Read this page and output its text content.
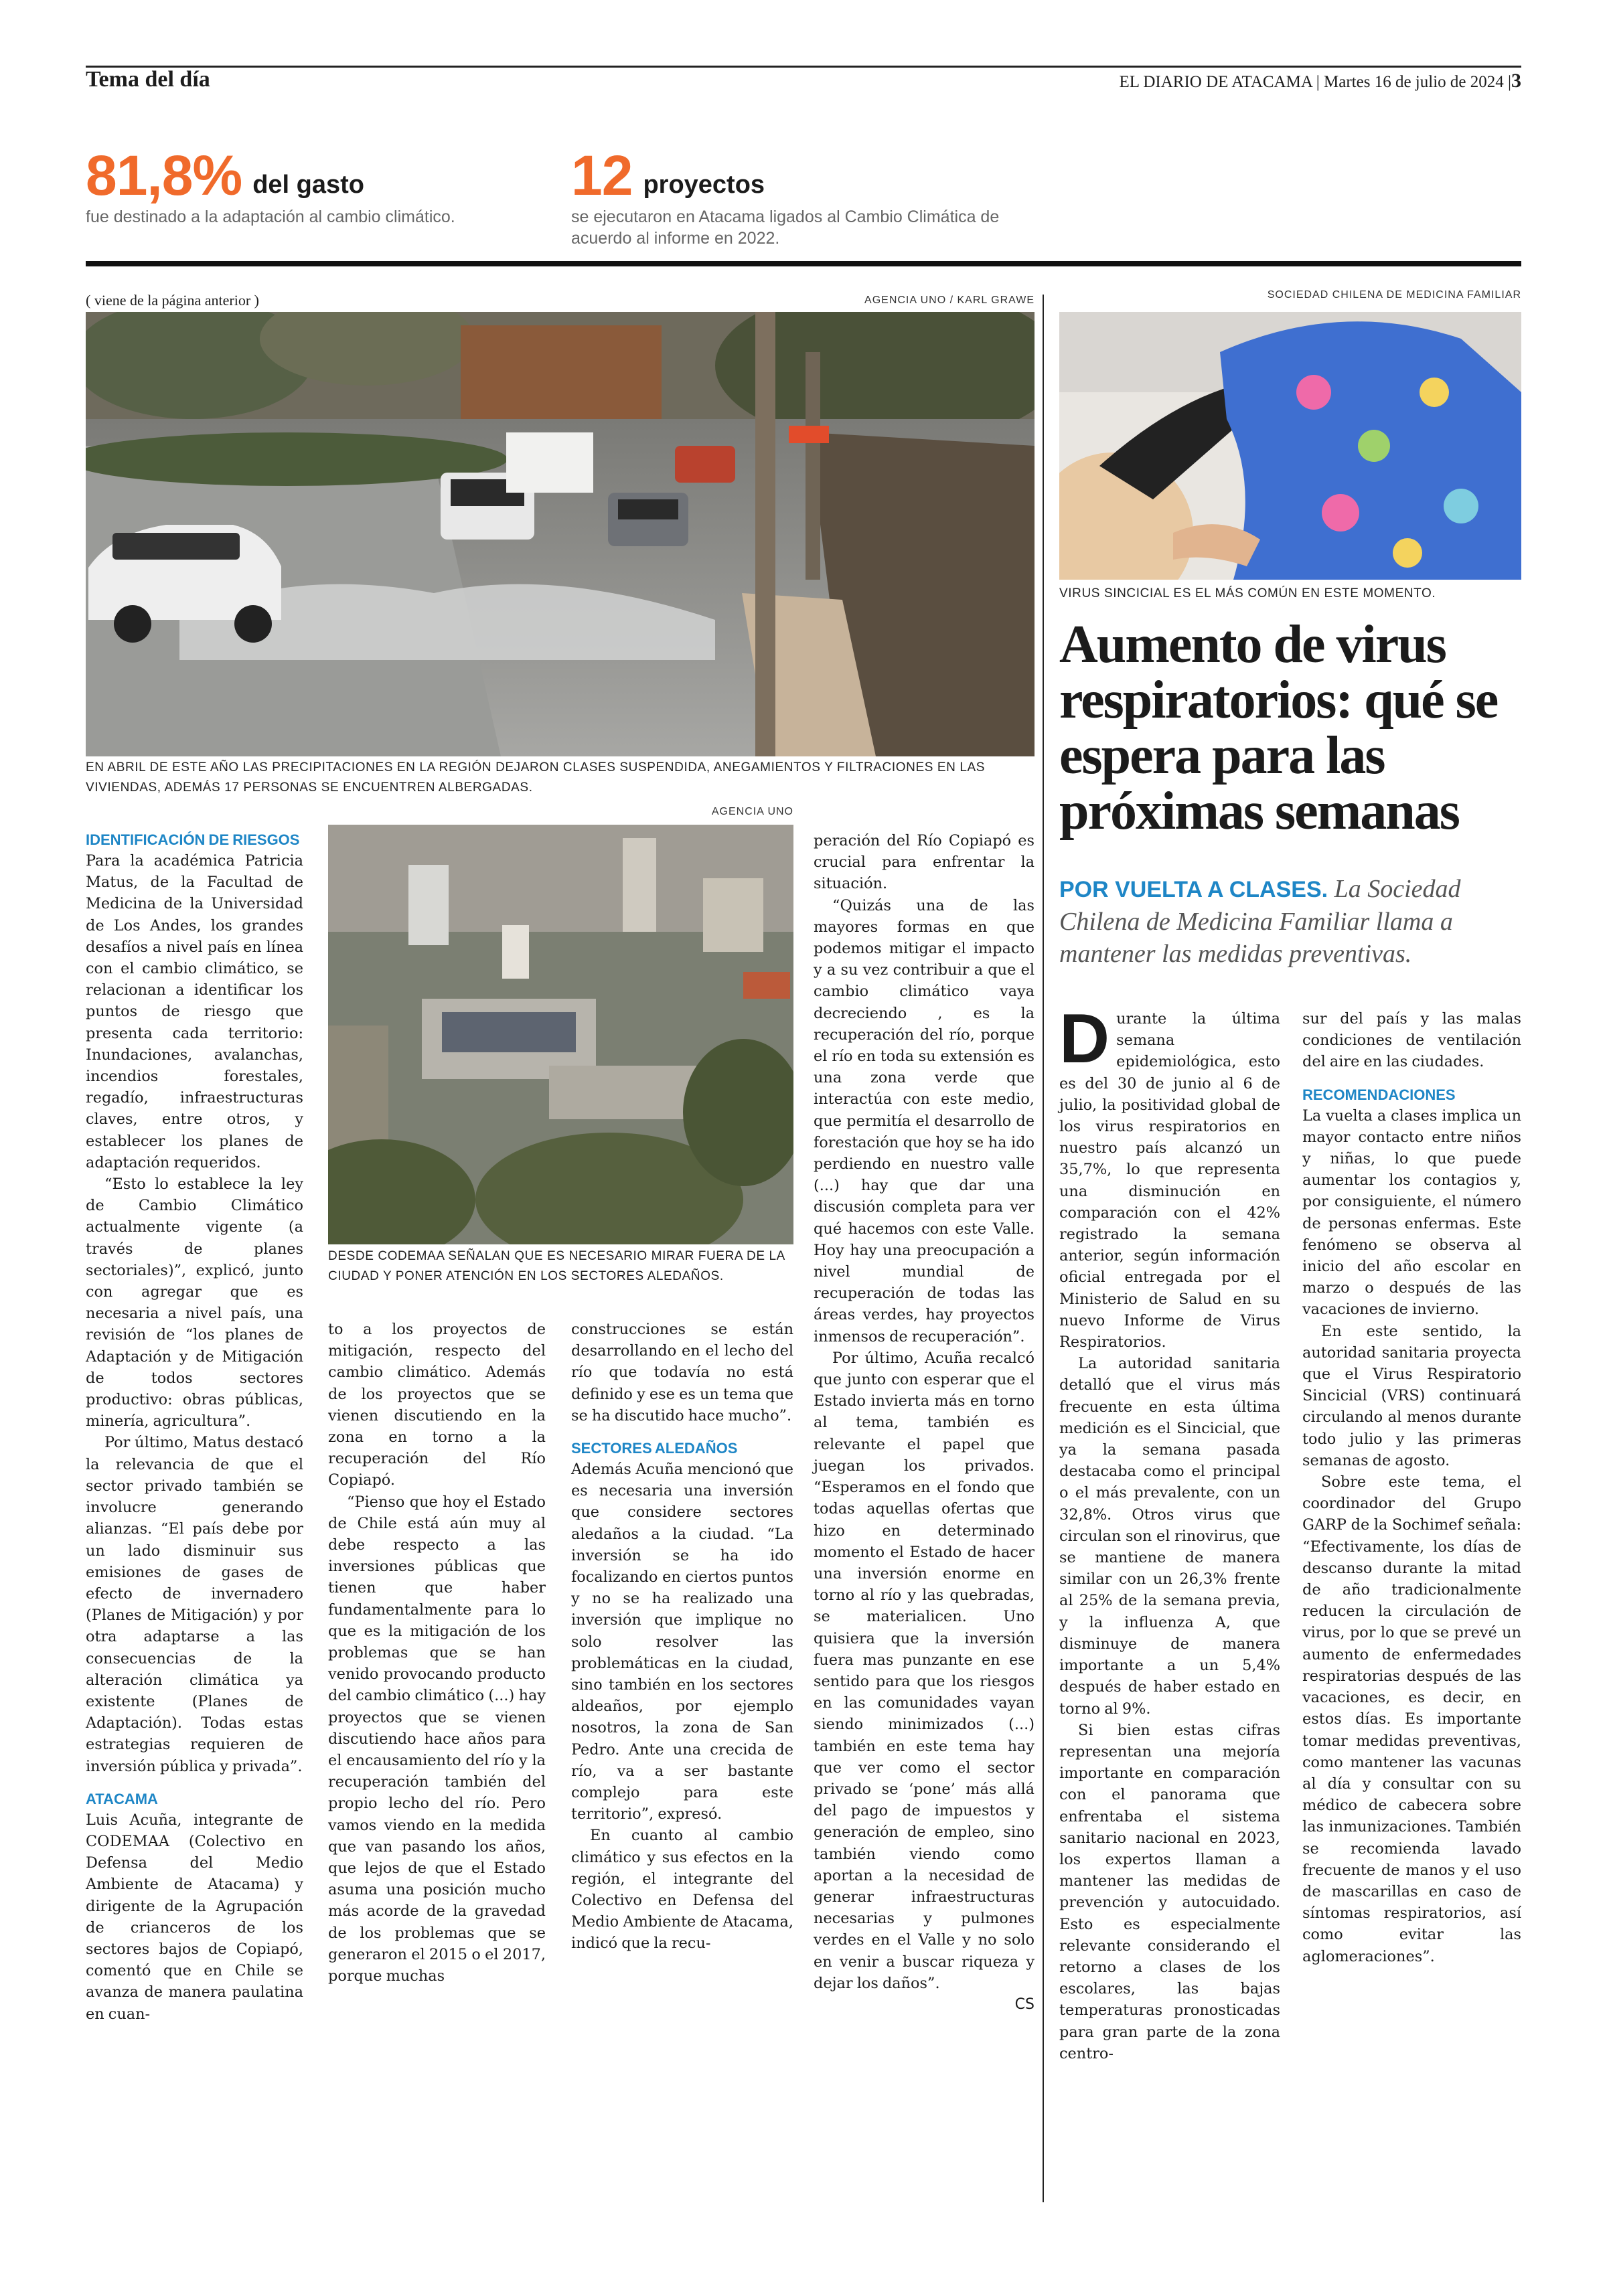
Tema del día	EL DIARIO DE ATACAMA | Martes 16 de julio de 2024 |3
81,8% del gasto
fue destinado a la adaptación al cambio climático.
12 proyectos
se ejecutaron en Atacama ligados al Cambio Climática de acuerdo al informe en 2022.
( viene de la página anterior )	AGENCIA UNO / KARL GRAWE
EN ABRIL DE ESTE AÑO LAS PRECIPITACIONES EN LA REGIÓN DEJARON CLASES SUSPENDIDA, ANEGAMIENTOS Y FILTRACIONES EN LAS VIVIENDAS, ADEMÁS 17 PERSONAS SE ENCUENTREN ALBERGADAS.

IDENTIFICACIÓN DE RIESGOS

Para la académica Patricia Matus, de la Facultad de Medicina de la Universidad de Los Andes, los grandes desafíos a nivel país en línea con el cambio climático, se relacionan a identificar los puntos de riesgo que presenta cada territorio: Inundaciones, avalanchas, incendios forestales, regadío, infraestructuras claves, entre otros, y establecer los planes de adaptación requeridos.

“Esto lo establece la ley de Cambio Climático actualmente vigente (a través de planes sectoriales)”, explicó, junto con agregar que es necesaria a nivel país, una revisión de “los planes de Adaptación y de Mitigación de todos sectores productivo: obras públicas, minería, agricultura”.

Por último, Matus destacó la relevancia de que el sector privado también se involucre generando alianzas. “El país debe por un lado disminuir sus emisiones de gases de efecto de invernadero (Planes de Mitigación) y por otra adaptarse a las consecuencias de la alteración climática ya existente (Planes de Adaptación). Todas estas estrategias requieren de inversión pública y privada”.

ATACAMA

Luis Acuña, integrante de CODEMAA (Colectivo en Defensa del Medio Ambiente de Atacama) y dirigente de la Agrupación de crianceros de los sectores bajos de Copiapó, comentó que en Chile se avanza de manera paulatina en cuan-

AGENCIA UNO
DESDE CODEMAA SEÑALAN QUE ES NECESARIO MIRAR FUERA DE LA CIUDAD Y PONER ATENCIÓN EN LOS SECTORES ALEDAÑOS.

to a los proyectos de mitigación, respecto del cambio climático. Además de los proyectos que se vienen discutiendo en la zona en torno a la recuperación del Río Copiapó.

“Pienso que hoy el Estado de Chile está aún muy al debe respecto a las inversiones públicas que tienen que haber fundamentalmente para lo que es la mitigación de los problemas que se han venido provocando producto del cambio climático (...) hay proyectos que se vienen discutiendo hace años para el encausamiento del río y la recuperación también del propio lecho del río. Pero vamos viendo en la medida que van pasando los años, que lejos de que el Estado asuma una posición mucho más acorde de la gravedad de los problemas que se generaron el 2015 o el 2017, porque muchas

construcciones se están desarrollando en el lecho del río que todavía no está definido y ese es un tema que se ha discutido hace mucho”.

SECTORES ALEDAÑOS

Además Acuña mencionó que es necesaria una inversión que considere sectores aledaños a la ciudad. “La inversión se ha ido focalizando en ciertos puntos y no se ha realizado una inversión que implique no solo resolver las problemáticas en la ciudad, sino también en los sectores aldeaños, por ejemplo nosotros, la zona de San Pedro. Ante una crecida de río, va a ser bastante complejo para este territorio”, expresó.

En cuanto al cambio climático y sus efectos en la región, el integrante del Colectivo en Defensa del Medio Ambiente de Atacama, indicó que la recu-

peración del Río Copiapó es crucial para enfrentar la situación.

“Quizás una de las mayores formas en que podemos mitigar el impacto y a su vez contribuir a que el cambio climático vaya decreciendo , es la recuperación del río, porque el río en toda su extensión es una zona verde que interactúa con este medio, que permitía el desarrollo de forestación que hoy se ha ido perdiendo en nuestro valle (...) hay que dar una discusión completa para ver qué hacemos con este Valle. Hoy hay una preocupación a nivel mundial de recuperación de todas las áreas verdes, hay proyectos inmensos de recuperación”.

Por último, Acuña recalcó que junto con esperar que el Estado invierta más en torno al tema, también es relevante el papel que juegan los privados. “Esperamos en el fondo que todas aquellas ofertas que hizo en determinado momento el Estado de hacer una inversión enorme en torno al río y las quebradas, se materialicen. Uno quisiera que la inversión fuera mas punzante en ese sentido para que los riesgos en las comunidades vayan siendo minimizados (...) también en este tema hay que ver como el sector privado se ‘pone’ más allá del pago de impuestos y generación de empleo, sino también viendo como aportan a la necesidad de generar infraestructuras necesarias y pulmones verdes en el Valle y no solo en venir a buscar riqueza y dejar los daños”.

CS

SOCIEDAD CHILENA DE MEDICINA FAMILIAR
VIRUS SINCICIAL ES EL MÁS COMÚN EN ESTE MOMENTO.
Aumento de virus respiratorios: qué se espera para las próximas semanas
POR VUELTA A CLASES. La Sociedad Chilena de Medicina Familiar llama a mantener las medidas preventivas.

Durante la última semana epidemiológica, esto es del 30 de junio al 6 de julio, la positividad global de los virus respiratorios en nuestro país alcanzó un 35,7%, lo que representa una disminución en comparación con el 42% registrado la semana anterior, según información oficial entregada por el Ministerio de Salud en su nuevo Informe de Virus Respiratorios.

La autoridad sanitaria detalló que el virus más frecuente en esta última medición es el Sincicial, que ya la semana pasada destacaba como el principal o el más prevalente, con un 32,8%. Otros virus que circulan son el rinovirus, que se mantiene de manera similar con un 26,3% frente al 25% de la semana previa, y la influenza A, que disminuye de manera importante a un 5,4% después de haber estado en torno al 9%.

Si bien estas cifras representan una mejoría importante en comparación con el panorama que enfrentaba el sistema sanitario nacional en 2023, los expertos llaman a mantener las medidas de prevención y autocuidado. Esto es especialmente relevante considerando el retorno a clases de los escolares, las bajas temperaturas pronosticadas para gran parte de la zona centro-

sur del país y las malas condiciones de ventilación del aire en las ciudades.

RECOMENDACIONES

La vuelta a clases implica un mayor contacto entre niños y niñas, lo que puede aumentar los contagios y, por consiguiente, el número de personas enfermas. Este fenómeno se observa al inicio del año escolar en marzo o después de las vacaciones de invierno.

En este sentido, la autoridad sanitaria proyecta que el Virus Respiratorio Sincicial (VRS) continuará circulando al menos durante todo julio y las primeras semanas de agosto.

Sobre este tema, el coordinador del Grupo GARP de la Sochimef señala: “Efectivamente, los días de descanso durante la mitad de año tradicionalmente reducen la circulación de virus, por lo que se prevé un aumento de enfermedades respiratorias después de las vacaciones, es decir, en estos días. Es importante tomar medidas preventivas, como mantener las vacunas al día y consultar con su médico de cabecera sobre las inmunizaciones. También se recomienda lavado frecuente de manos y el uso de mascarillas en caso de síntomas respiratorios, así como evitar las aglomeraciones”.
